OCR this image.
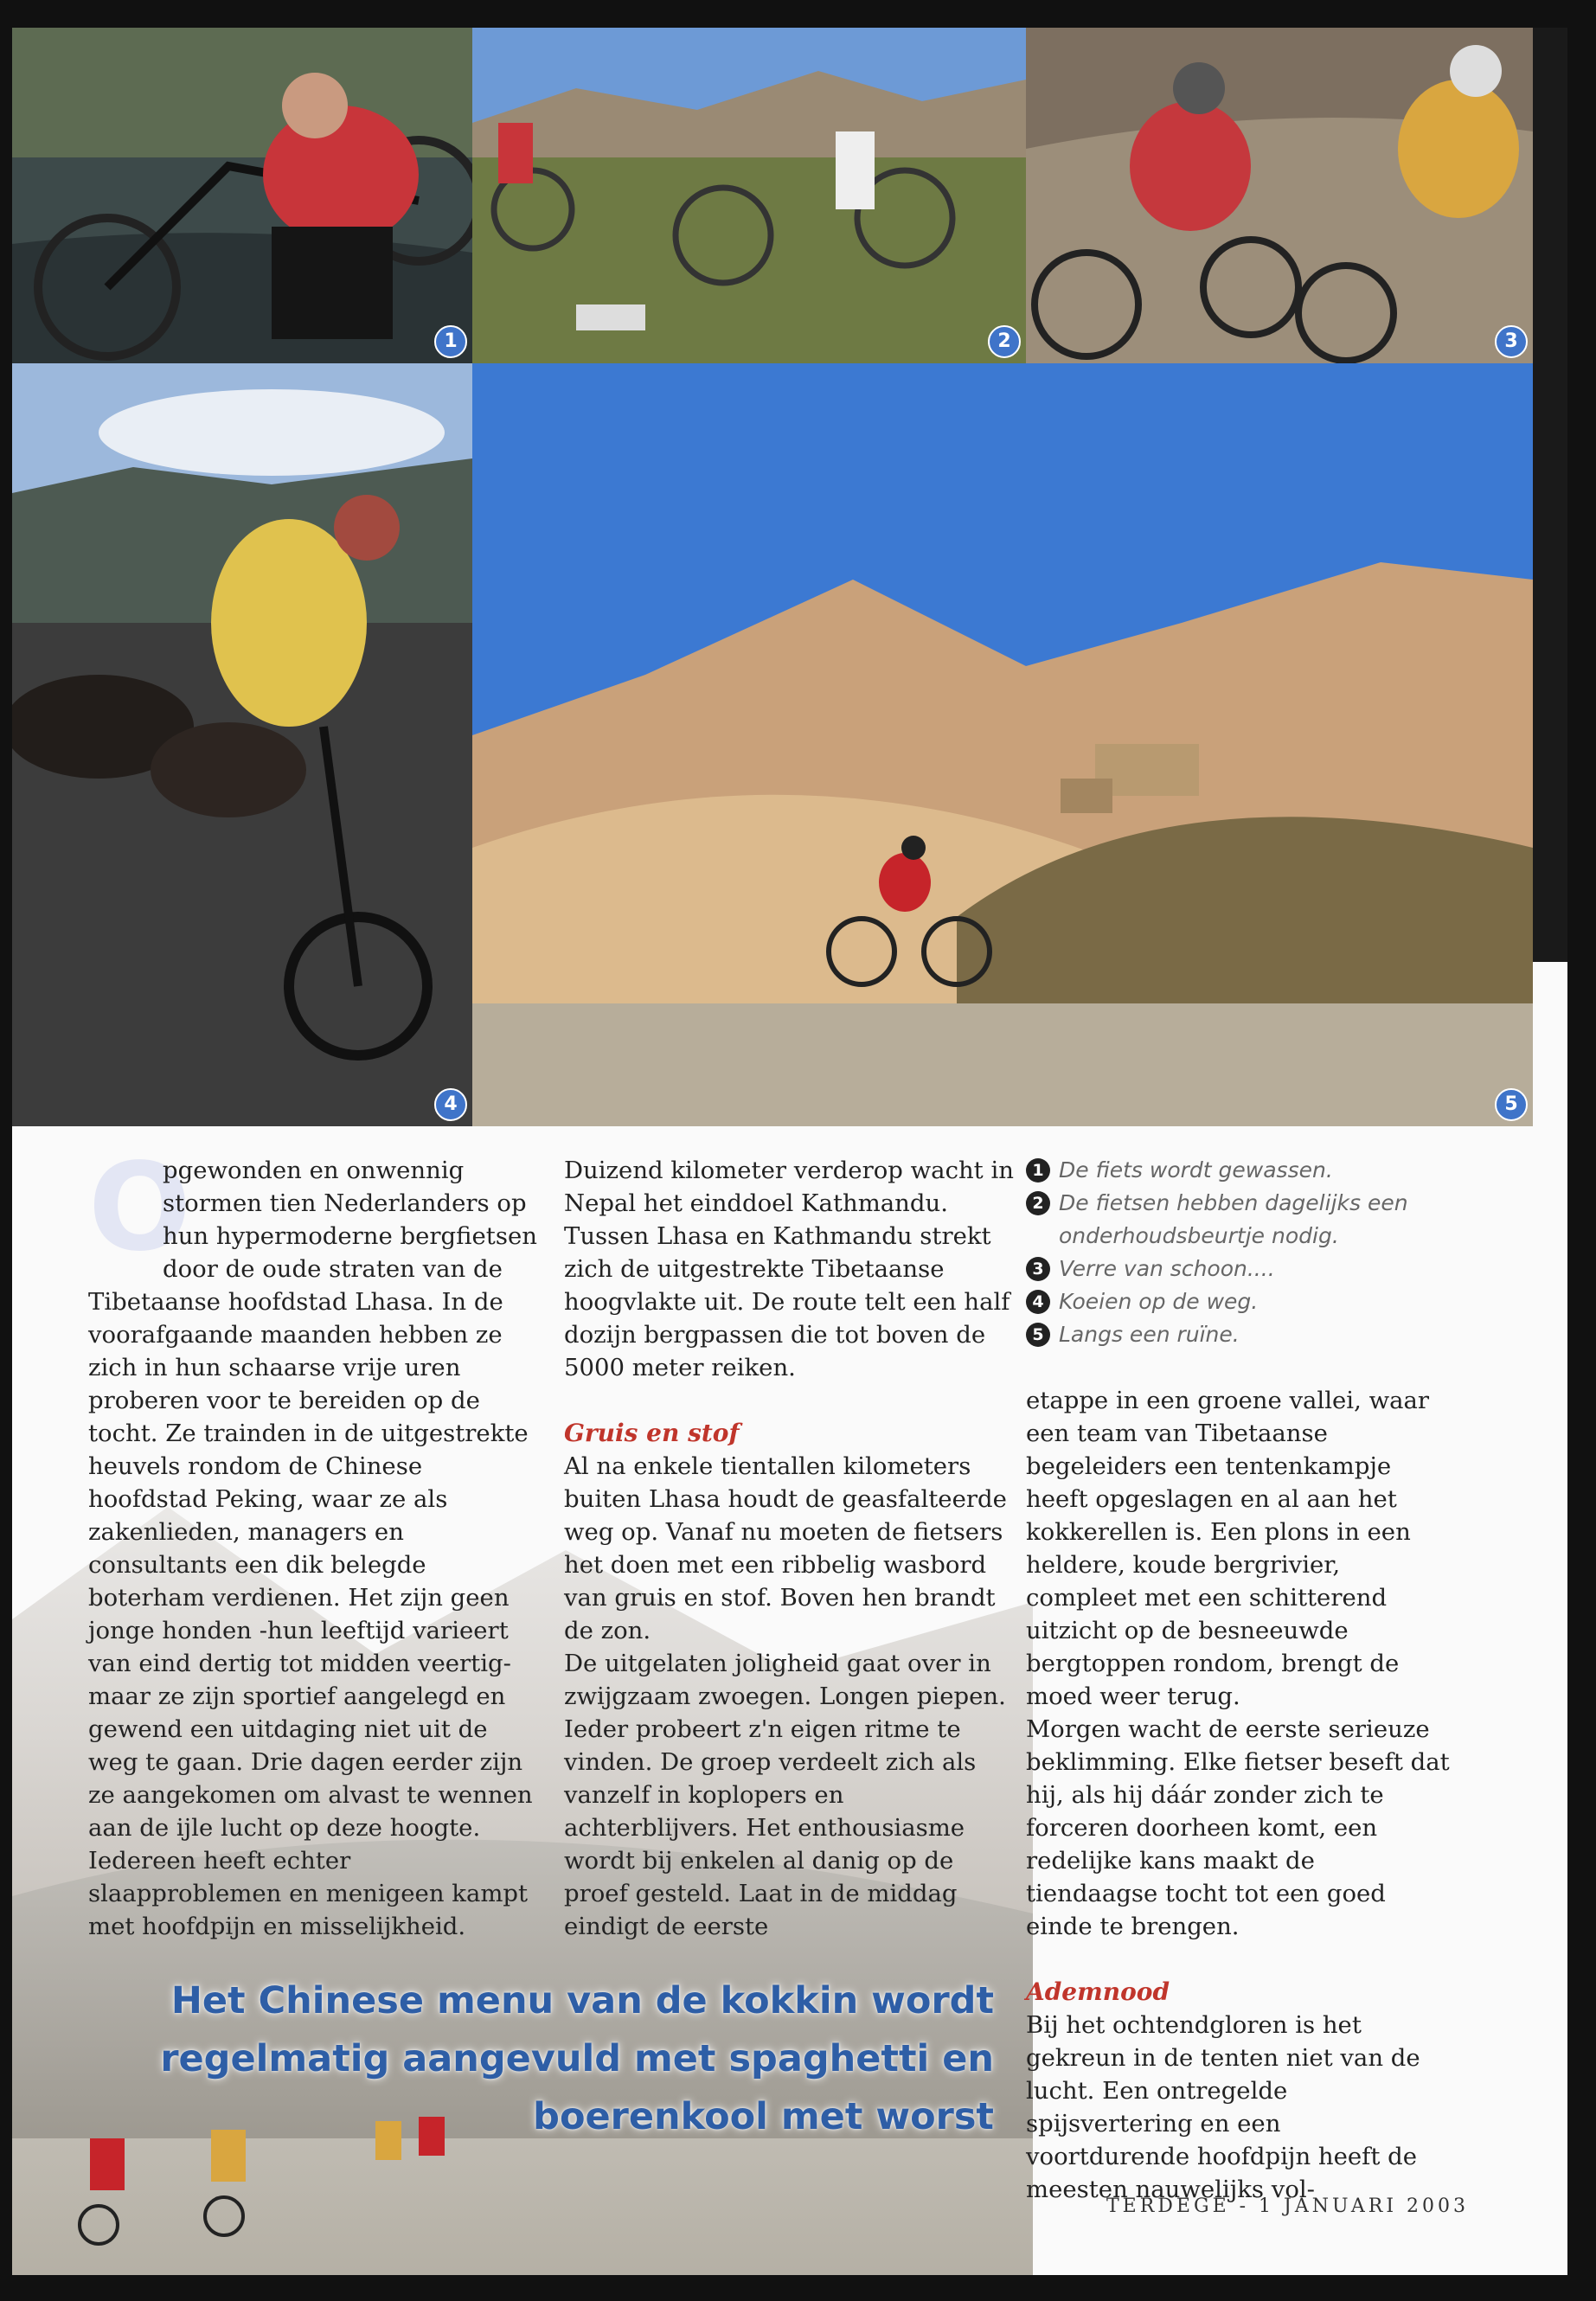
1	2	3
4	5
O

pgewonden en onwennig stormen tien Nederlanders op hun hypermoderne bergfietsen door de oude straten van de Tibetaanse hoofdstad Lhasa. In de voorafgaande maanden hebben ze zich in hun schaarse vrije uren proberen voor te bereiden op de tocht. Ze trainden in de uitgestrekte heuvels rondom de Chinese hoofdstad Peking, waar ze als zakenlieden, managers en consultants een dik belegde boterham verdienen. Het zijn geen jonge honden -hun leeftijd varieert van eind dertig tot midden veertig- maar ze zijn sportief aangelegd en gewend een uitdaging niet uit de weg te gaan. Drie dagen eerder zijn ze aangekomen om alvast te wennen aan de ijle lucht op deze hoogte. Iedereen heeft echter slaapproblemen en menigeen kampt met hoofdpijn en misselijkheid.

Duizend kilometer verderop wacht in Nepal het einddoel Kathmandu. Tussen Lhasa en Kathmandu strekt zich de uitgestrekte Tibetaanse hoogvlakte uit. De route telt een half dozijn bergpassen die tot boven de 5000 meter reiken.

Gruis en stof

Al na enkele tientallen kilometers buiten Lhasa houdt de geasfalteerde weg op. Vanaf nu moeten de fietsers het doen met een ribbelig wasbord van gruis en stof. Boven hen brandt de zon.

De uitgelaten joligheid gaat over in zwijgzaam zwoegen. Longen piepen. Ieder probeert z'n eigen ritme te vinden. De groep verdeelt zich als vanzelf in koplopers en achterblijvers. Het enthousiasme wordt bij enkelen al danig op de proef gesteld. Laat in de middag eindigt de eerste

1 De fiets wordt gewassen.
2 De fietsen hebben dagelijks een
onderhoudsbeurtje nodig.
3 Verre van schoon....
4 Koeien op de weg.
5 Langs een ruïne.

etappe in een groene vallei, waar een team van Tibetaanse begeleiders een tentenkampje heeft opgeslagen en al aan het kokkerellen is. Een plons in een heldere, koude bergrivier, compleet met een schitterend uitzicht op de besneeuwde bergtoppen rondom, brengt de moed weer terug.

Morgen wacht de eerste serieuze beklimming. Elke fietser beseft dat hij, als hij dáár zonder zich te forceren doorheen komt, een redelijke kans maakt de tiendaagse tocht tot een goed einde te brengen.

Ademnood

Bij het ochtendgloren is het gekreun in de tenten niet van de lucht. Een ontregelde spijsvertering en een voortdurende hoofdpijn heeft de meesten nauwelijks vol-

Het Chinese menu van de kokkin wordt regelmatig aangevuld met spaghetti en boerenkool met worst
TERDEGE - 1 JANUARI 2003
